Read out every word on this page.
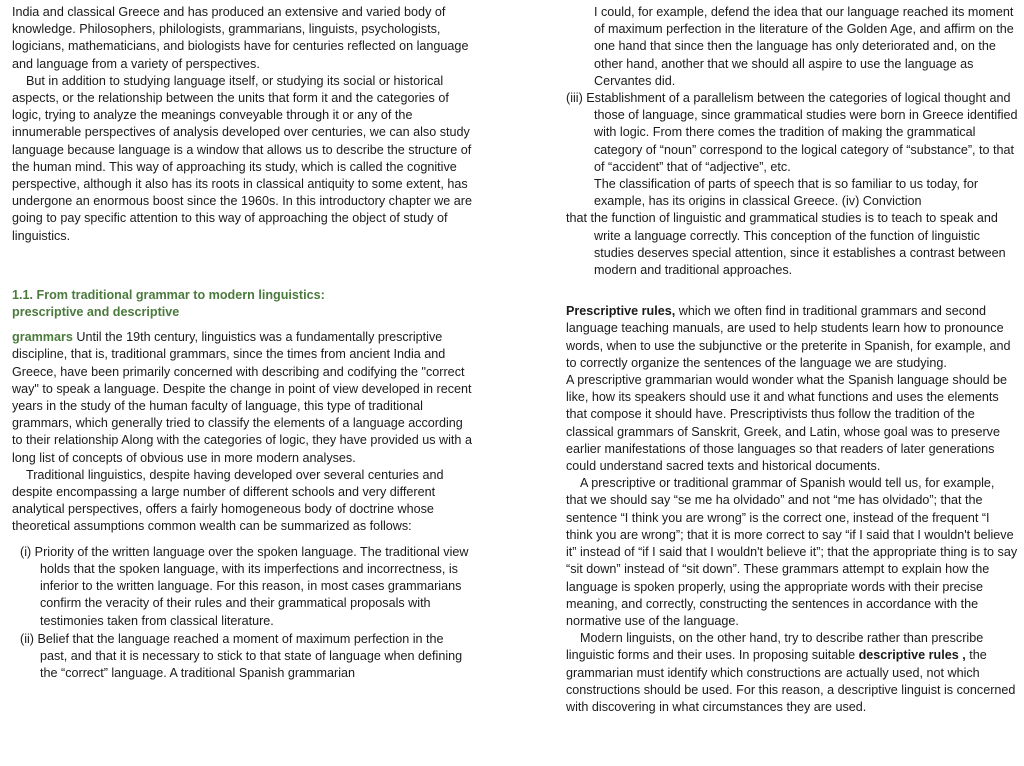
India and classical Greece and has produced an extensive and varied body of knowledge. Philosophers, philologists, grammarians, linguists, psychologists, logicians, mathematicians, and biologists have for centuries reflected on language and language from a variety of perspectives.

But in addition to studying language itself, or studying its social or historical aspects, or the relationship between the units that form it and the categories of logic, trying to analyze the meanings conveyable through it or any of the innumerable perspectives of analysis developed over centuries, we can also study language because language is a window that allows us to describe the structure of the human mind. This way of approaching its study, which is called the cognitive perspective, although it also has its roots in classical antiquity to some extent, has undergone an enormous boost since the 1960s. In this introductory chapter we are going to pay specific attention to this way of approaching the object of study of linguistics.

1.1. From traditional grammar to modern linguistics:

prescriptive and descriptive

grammars Until the 19th century, linguistics was a fundamentally prescriptive discipline, that is, traditional grammars, since the times from ancient India and Greece, have been primarily concerned with describing and codifying the "correct way" to speak a language. Despite the change in point of view developed in recent years in the study of the human faculty of language, this type of traditional grammars, which generally tried to classify the elements of a language according to their relationship Along with the categories of logic, they have provided us with a long list of concepts of obvious use in more modern analyses.

Traditional linguistics, despite having developed over several centuries and despite encompassing a large number of different schools and very different analytical perspectives, offers a fairly homogeneous body of doctrine whose theoretical assumptions common wealth can be summarized as follows:

(i) Priority of the written language over the spoken language. The traditional view holds that the spoken language, with its imperfections and incorrectness, is inferior to the written language. For this reason, in most cases grammarians confirm the veracity of their rules and their grammatical proposals with testimonies taken from classical literature.
(ii) Belief that the language reached a moment of maximum perfection in the past, and that it is necessary to stick to that state of language when defining the “correct” language. A traditional Spanish grammarian

I could, for example, defend the idea that our language reached its moment of maximum perfection in the literature of the Golden Age, and affirm on the one hand that since then the language has only deteriorated and, on the other hand, another that we should all aspire to use the language as Cervantes did.

(iii) Establishment of a parallelism between the categories of logical thought and those of language, since grammatical studies were born in Greece identified with logic. From there comes the tradition of making the grammatical category of “noun” correspond to the logical category of “substance”, to that of “accident” that of “adjective”, etc.

The classification of parts of speech that is so familiar to us today, for example, has its origins in classical Greece. (iv) Conviction

that the function of linguistic and grammatical studies is to teach to speak and write a language correctly. This conception of the function of linguistic studies deserves special attention, since it establishes a contrast between modern and traditional approaches.

Prescriptive rules, which we often find in traditional grammars and second language teaching manuals, are used to help students learn how to pronounce words, when to use the subjunctive or the preterite in Spanish, for example, and to correctly organize the sentences of the language we are studying.

A prescriptive grammarian would wonder what the Spanish language should be like, how its speakers should use it and what functions and uses the elements that compose it should have. Prescriptivists thus follow the tradition of the classical grammars of Sanskrit, Greek, and Latin, whose goal was to preserve earlier manifestations of those languages so that readers of later generations could understand sacred texts and historical documents.

A prescriptive or traditional grammar of Spanish would tell us, for example, that we should say “se me ha olvidado” and not “me has olvidado”; that the sentence “I think you are wrong” is the correct one, instead of the frequent “I think you are wrong”; that it is more correct to say “if I said that I wouldn't believe it” instead of “if I said that I wouldn't believe it”; that the appropriate thing is to say “sit down” instead of “sit down”. These grammars attempt to explain how the language is spoken properly, using the appropriate words with their precise meaning, and correctly, constructing the sentences in accordance with the normative use of the language.

Modern linguists, on the other hand, try to describe rather than prescribe linguistic forms and their uses. In proposing suitable descriptive rules , the grammarian must identify which constructions are actually used, not which constructions should be used. For this reason, a descriptive linguist is concerned with discovering in what circumstances they are used.
